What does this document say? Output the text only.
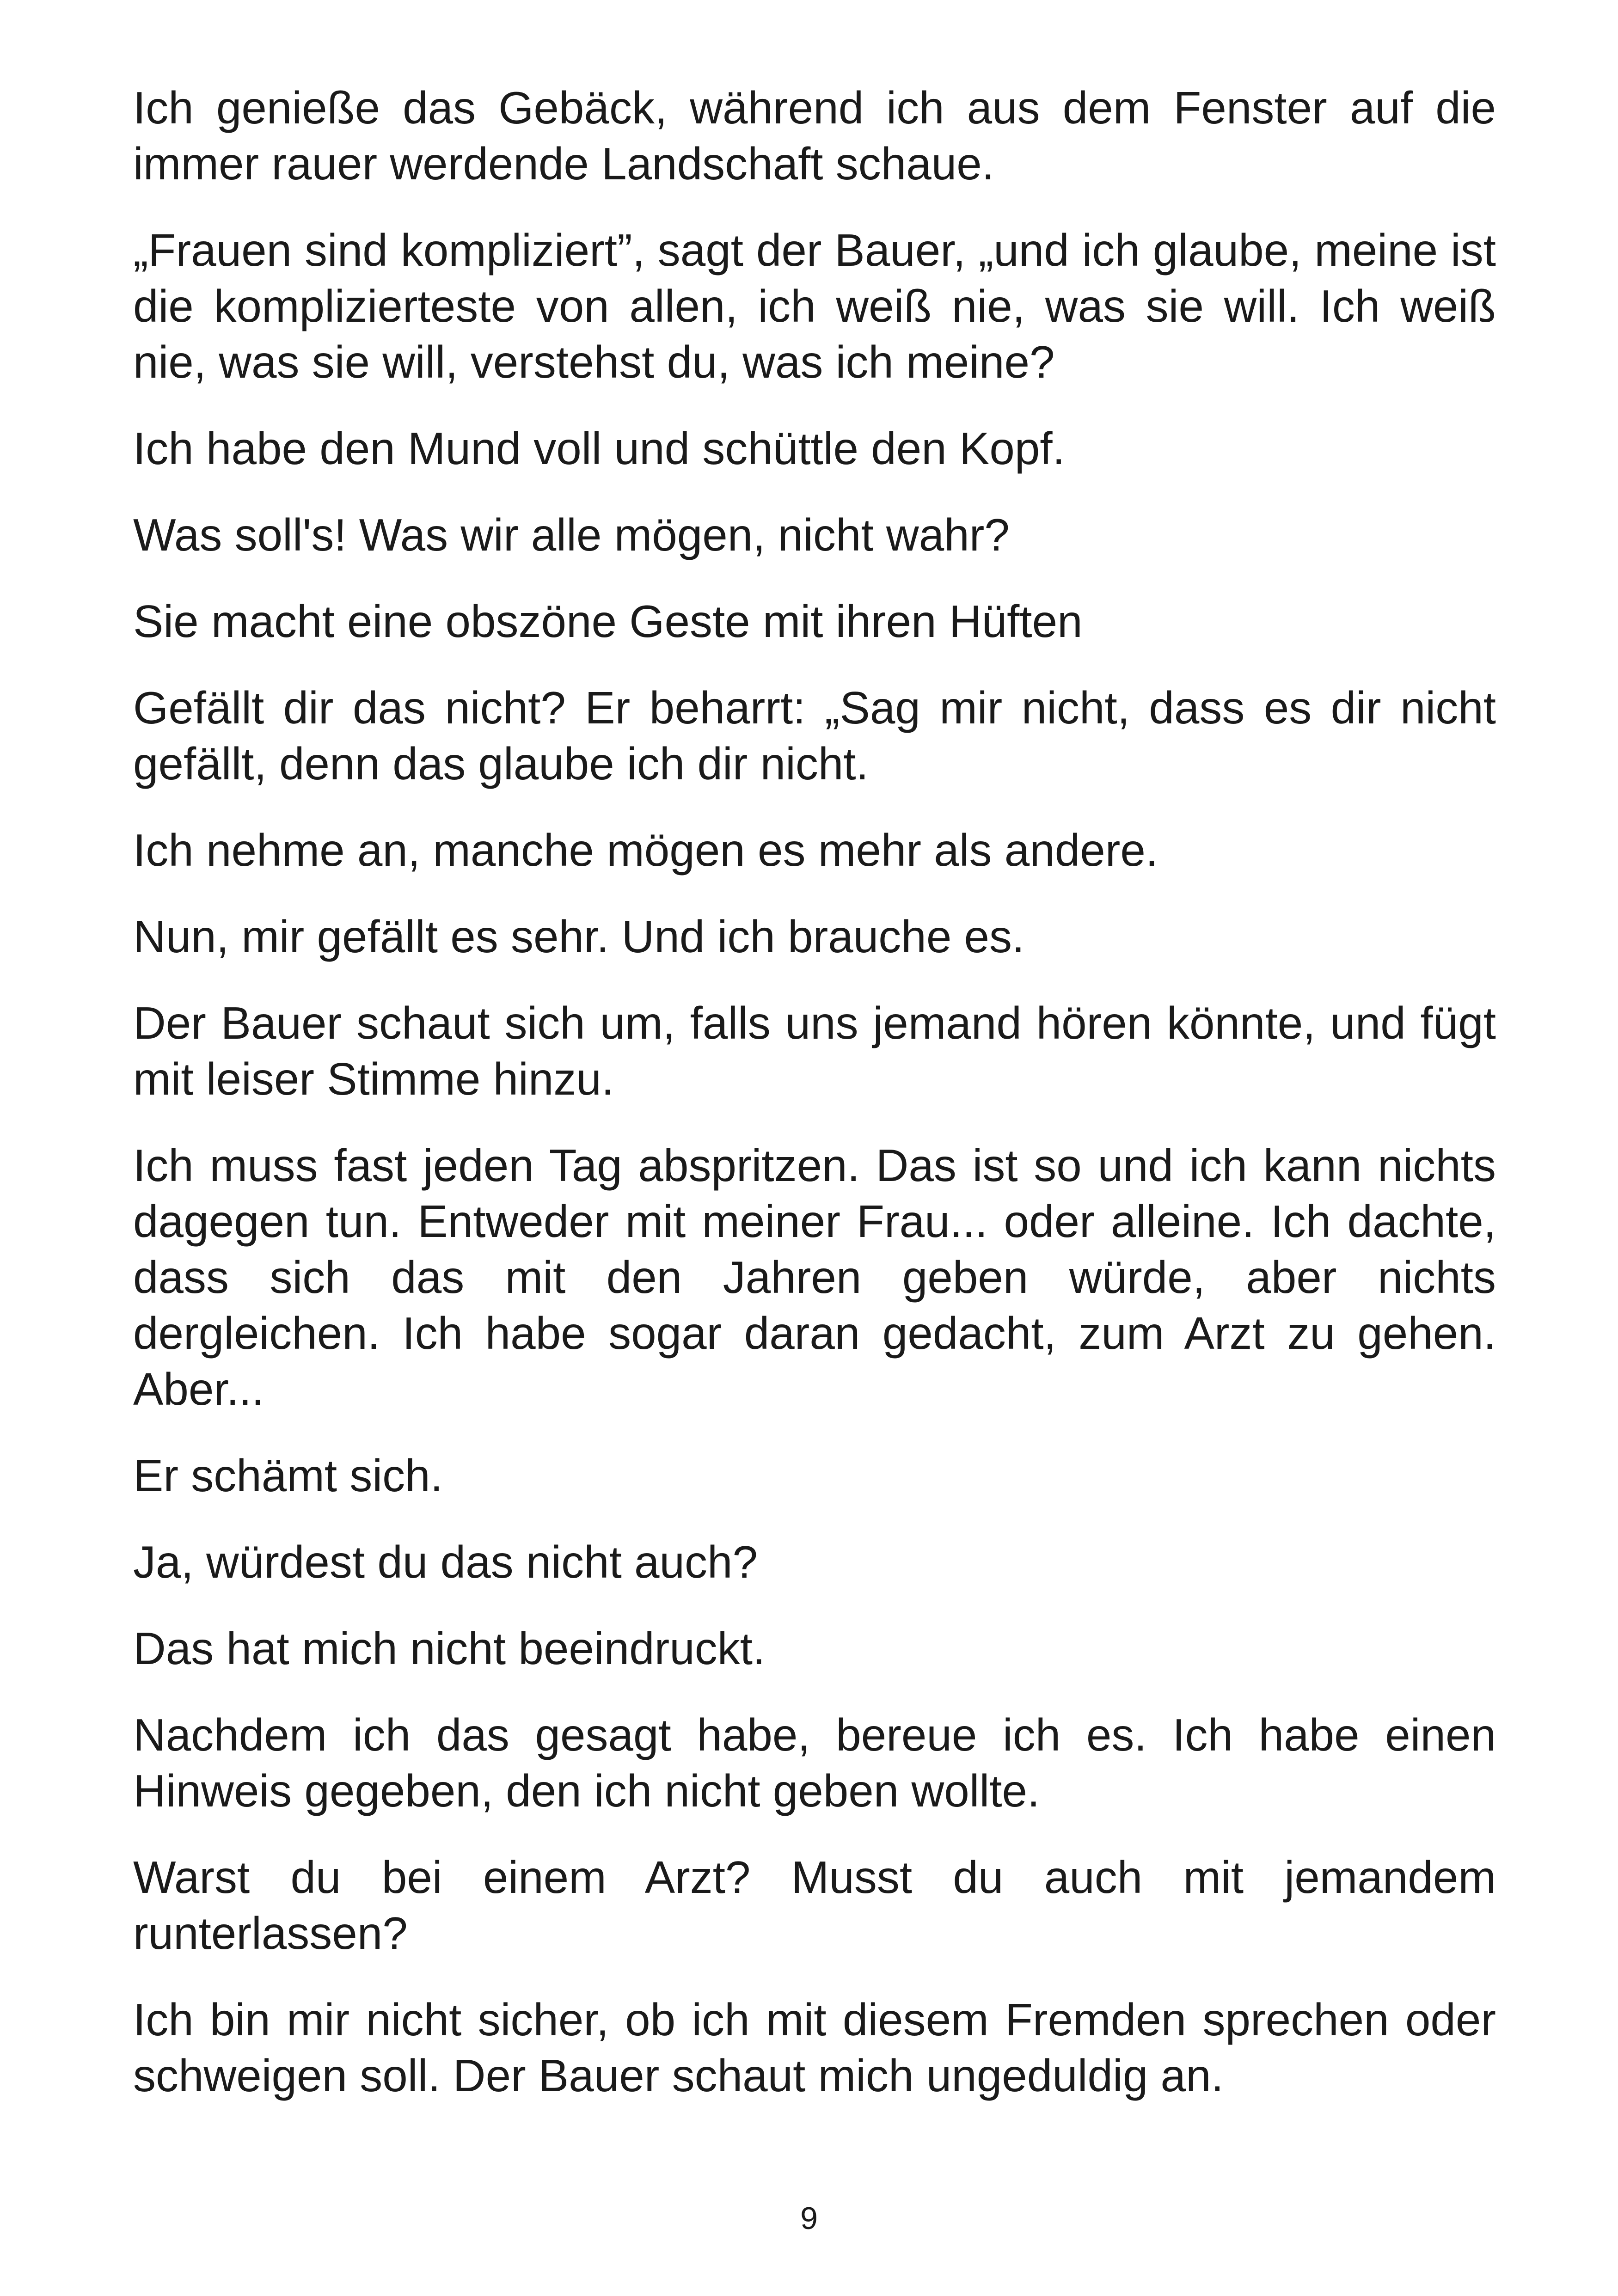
Ich genieße das Gebäck, während ich aus dem Fenster auf die immer rauer werdende Landschaft schaue.

„Frauen sind kompliziert”, sagt der Bauer, „und ich glaube, meine ist die komplizierteste von allen, ich weiß nie, was sie will. Ich weiß nie, was sie will, verstehst du, was ich meine?

Ich habe den Mund voll und schüttle den Kopf.

Was soll's! Was wir alle mögen, nicht wahr?

Sie macht eine obszöne Geste mit ihren Hüften

Gefällt dir das nicht? Er beharrt: „Sag mir nicht, dass es dir nicht gefällt, denn das glaube ich dir nicht.

Ich nehme an, manche mögen es mehr als andere.

Nun, mir gefällt es sehr. Und ich brauche es.

Der Bauer schaut sich um, falls uns jemand hören könnte, und fügt mit leiser Stimme hinzu.

Ich muss fast jeden Tag abspritzen. Das ist so und ich kann nichts dagegen tun. Entweder mit meiner Frau... oder alleine. Ich dachte, dass sich das mit den Jahren geben würde, aber nichts dergleichen. Ich habe sogar daran gedacht, zum Arzt zu gehen. Aber...

Er schämt sich.

Ja, würdest du das nicht auch?

Das hat mich nicht beeindruckt.

Nachdem ich das gesagt habe, bereue ich es. Ich habe einen Hinweis gegeben, den ich nicht geben wollte.

Warst du bei einem Arzt? Musst du auch mit jemandem runterlassen?

Ich bin mir nicht sicher, ob ich mit diesem Fremden sprechen oder schweigen soll. Der Bauer schaut mich ungeduldig an.

9
